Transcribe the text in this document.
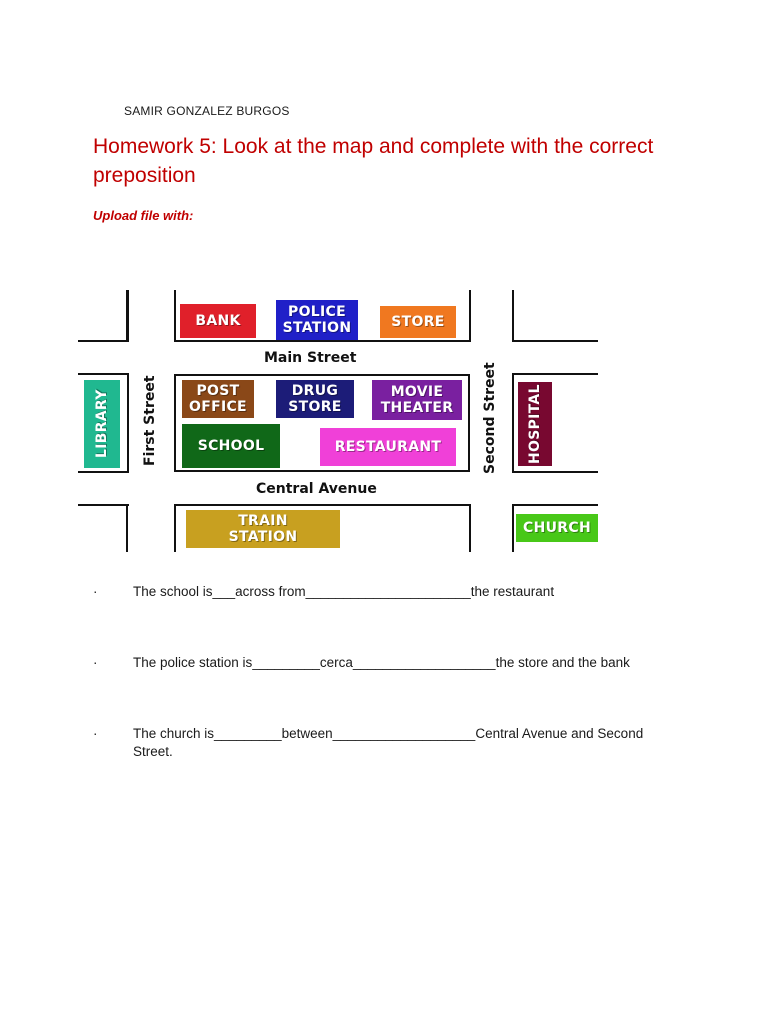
SAMIR GONZALEZ BURGOS
Homework 5: Look at the map and complete with the correct preposition
Upload file with:
Main Street
Central Avenue
First Street	Second Street
BANK
POLICE
STATION	STORE
LIBRARY	POST
OFFICE
DRUG
STORE
MOVIE
THEATER
SCHOOL	RESTAURANT	HOSPITAL
TRAIN
STATION
CHURCH
·	The school is___across from______________________the restaurant
·	The police station is_________cerca___________________the store and the bank
·	The church is_________between___________________Central Avenue and Second Street.
